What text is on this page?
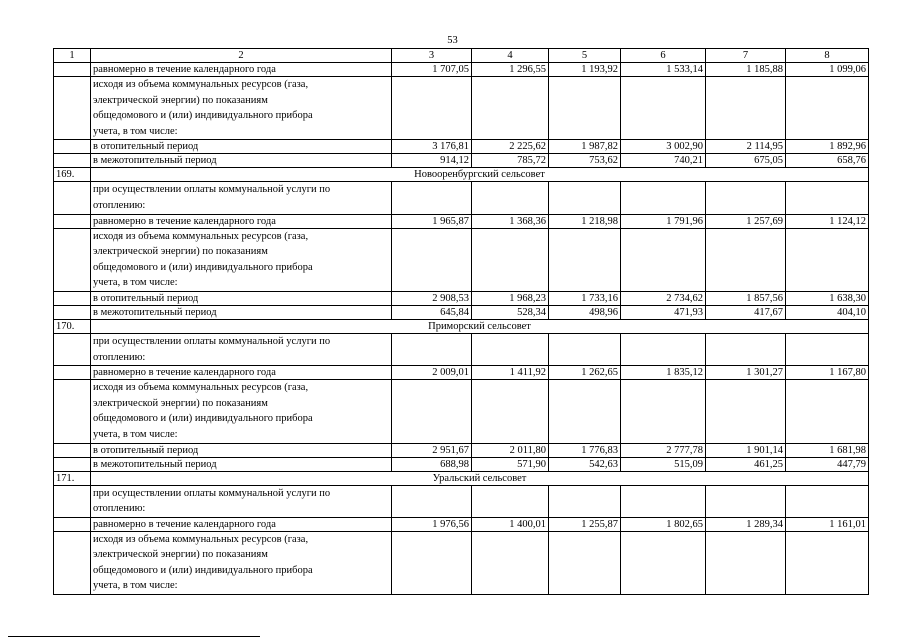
53
1	2	3	4	5	6	7	8
	равномерно в течение календарного года	1 707,05	1 296,55	1 193,92	1 533,14	1 185,88	1 099,06

	исходя из объема коммунальных ресурсов (газа,
электрической энергии) по показаниям
общедомового и (или) индивидуального прибора
учета, в том числе:						

	в отопительный период	3 176,81	2 225,62	1 987,82	3 002,90	2 114,95	1 892,96
	в межотопительный период	914,12	785,72	753,62	740,21	675,05	658,76
169.	Новооренбургский сельсовет						

	при осуществлении оплаты коммунальной услуги по
отоплению:						

	равномерно в течение календарного года	1 965,87	1 368,36	1 218,98	1 791,96	1 257,69	1 124,12

	исходя из объема коммунальных ресурсов (газа,
электрической энергии) по показаниям
общедомового и (или) индивидуального прибора
учета, в том числе:						

	в отопительный период	2 908,53	1 968,23	1 733,16	2 734,62	1 857,56	1 638,30
	в межотопительный период	645,84	528,34	498,96	471,93	417,67	404,10
170.	Приморский сельсовет						

	при осуществлении оплаты коммунальной услуги по
отоплению:						

	равномерно в течение календарного года	2 009,01	1 411,92	1 262,65	1 835,12	1 301,27	1 167,80

	исходя из объема коммунальных ресурсов (газа,
электрической энергии) по показаниям
общедомового и (или) индивидуального прибора
учета, в том числе:						

	в отопительный период	2 951,67	2 011,80	1 776,83	2 777,78	1 901,14	1 681,98
	в межотопительный период	688,98	571,90	542,63	515,09	461,25	447,79
171.	Уральский сельсовет						

	при осуществлении оплаты коммунальной услуги по
отоплению:						

	равномерно в течение календарного года	1 976,56	1 400,01	1 255,87	1 802,65	1 289,34	1 161,01

	исходя из объема коммунальных ресурсов (газа,
электрической энергии) по показаниям
общедомового и (или) индивидуального прибора
учета, в том числе:						
